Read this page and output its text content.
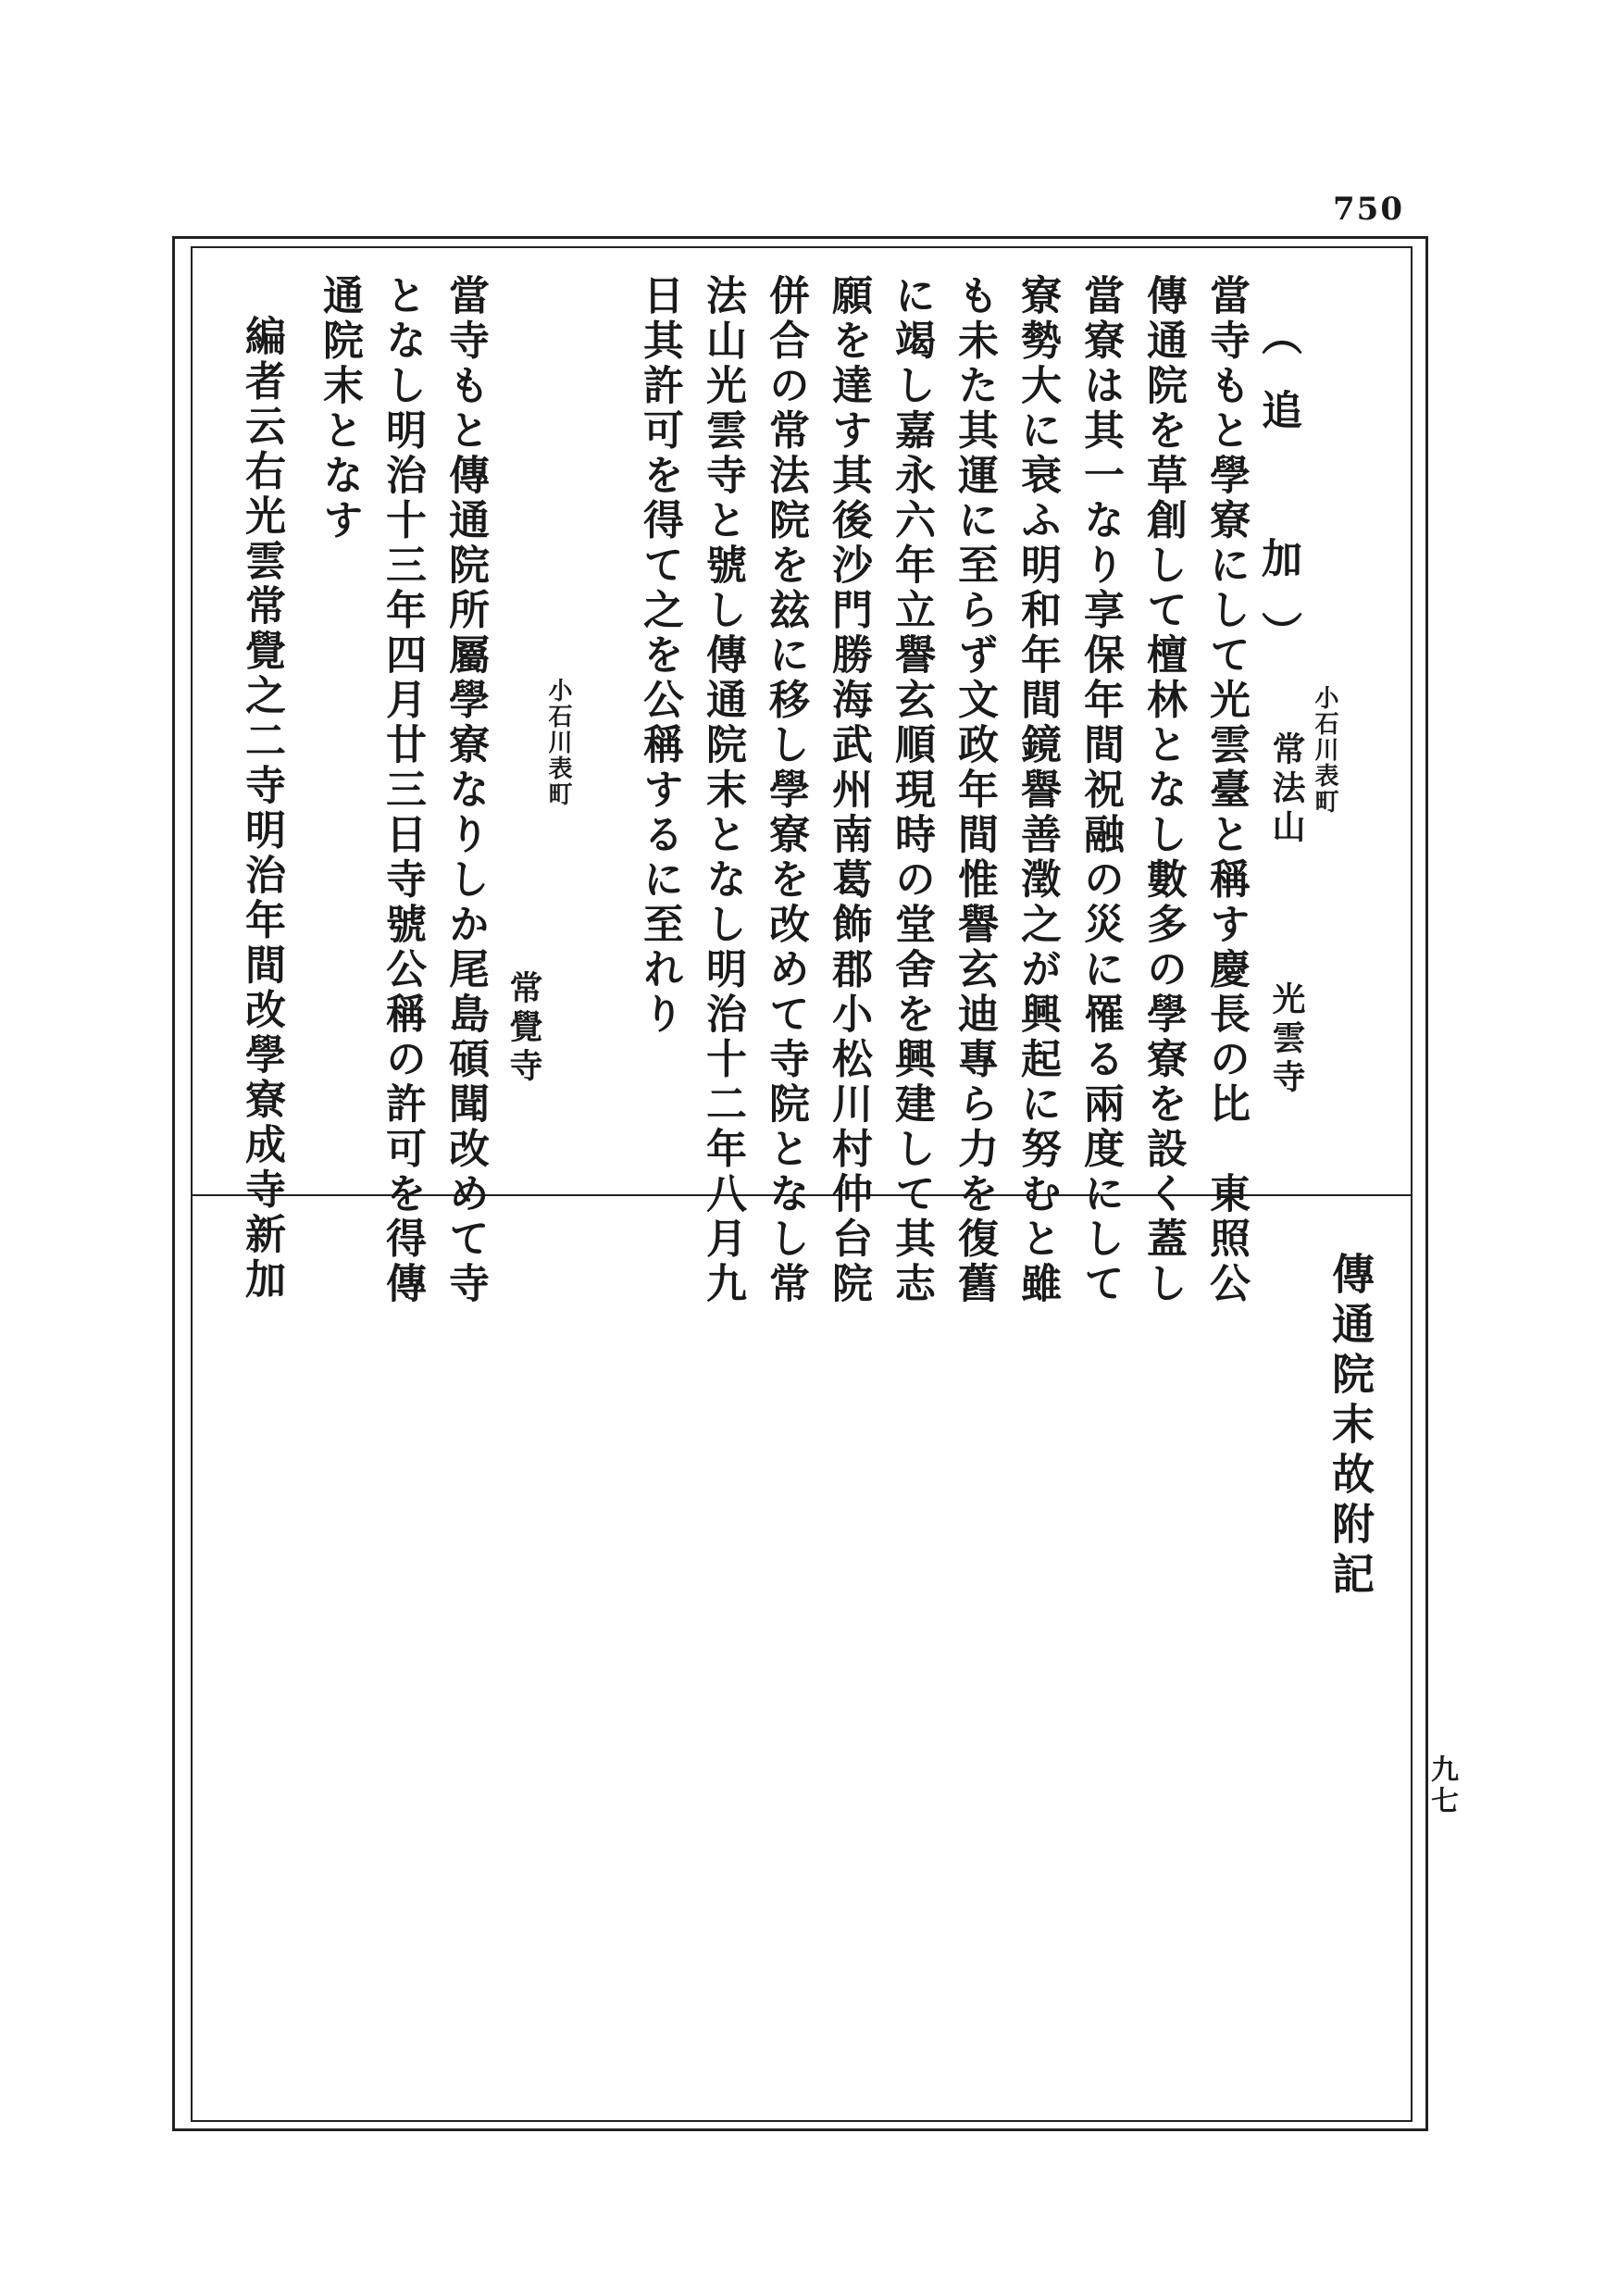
750
（追　加）
小石川表町
常法山
光雲寺
當寺もと學寮にして光雲臺と稱す慶長の比　東照公
傳通院を草創して檀林となし數多の學寮を設く蓋し
當寮は其一なり享保年間祝融の災に罹る兩度にして
寮勢大に衰ふ明和年間鏡譽善澂之が興起に努むと雖
も未た其運に至らず文政年間惟譽玄迪專ら力を復舊
に竭し嘉永六年立譽玄順現時の堂舍を興建して其志
願を達す其後沙門勝海武州南葛飾郡小松川村仲台院
併合の常法院を玆に移し學寮を改めて寺院となし常
法山光雲寺と號し傳通院末となし明治十二年八月九
日其許可を得て之を公稱するに至れり
小石川表町
常覺寺
當寺もと傳通院所屬學寮なりしか尾島碩聞改めて寺
となし明治十三年四月廿三日寺號公稱の許可を得傳
通院末となす
編者云右光雲常覺之二寺明治年間改學寮成寺新加
傳通院末故附記
九七
